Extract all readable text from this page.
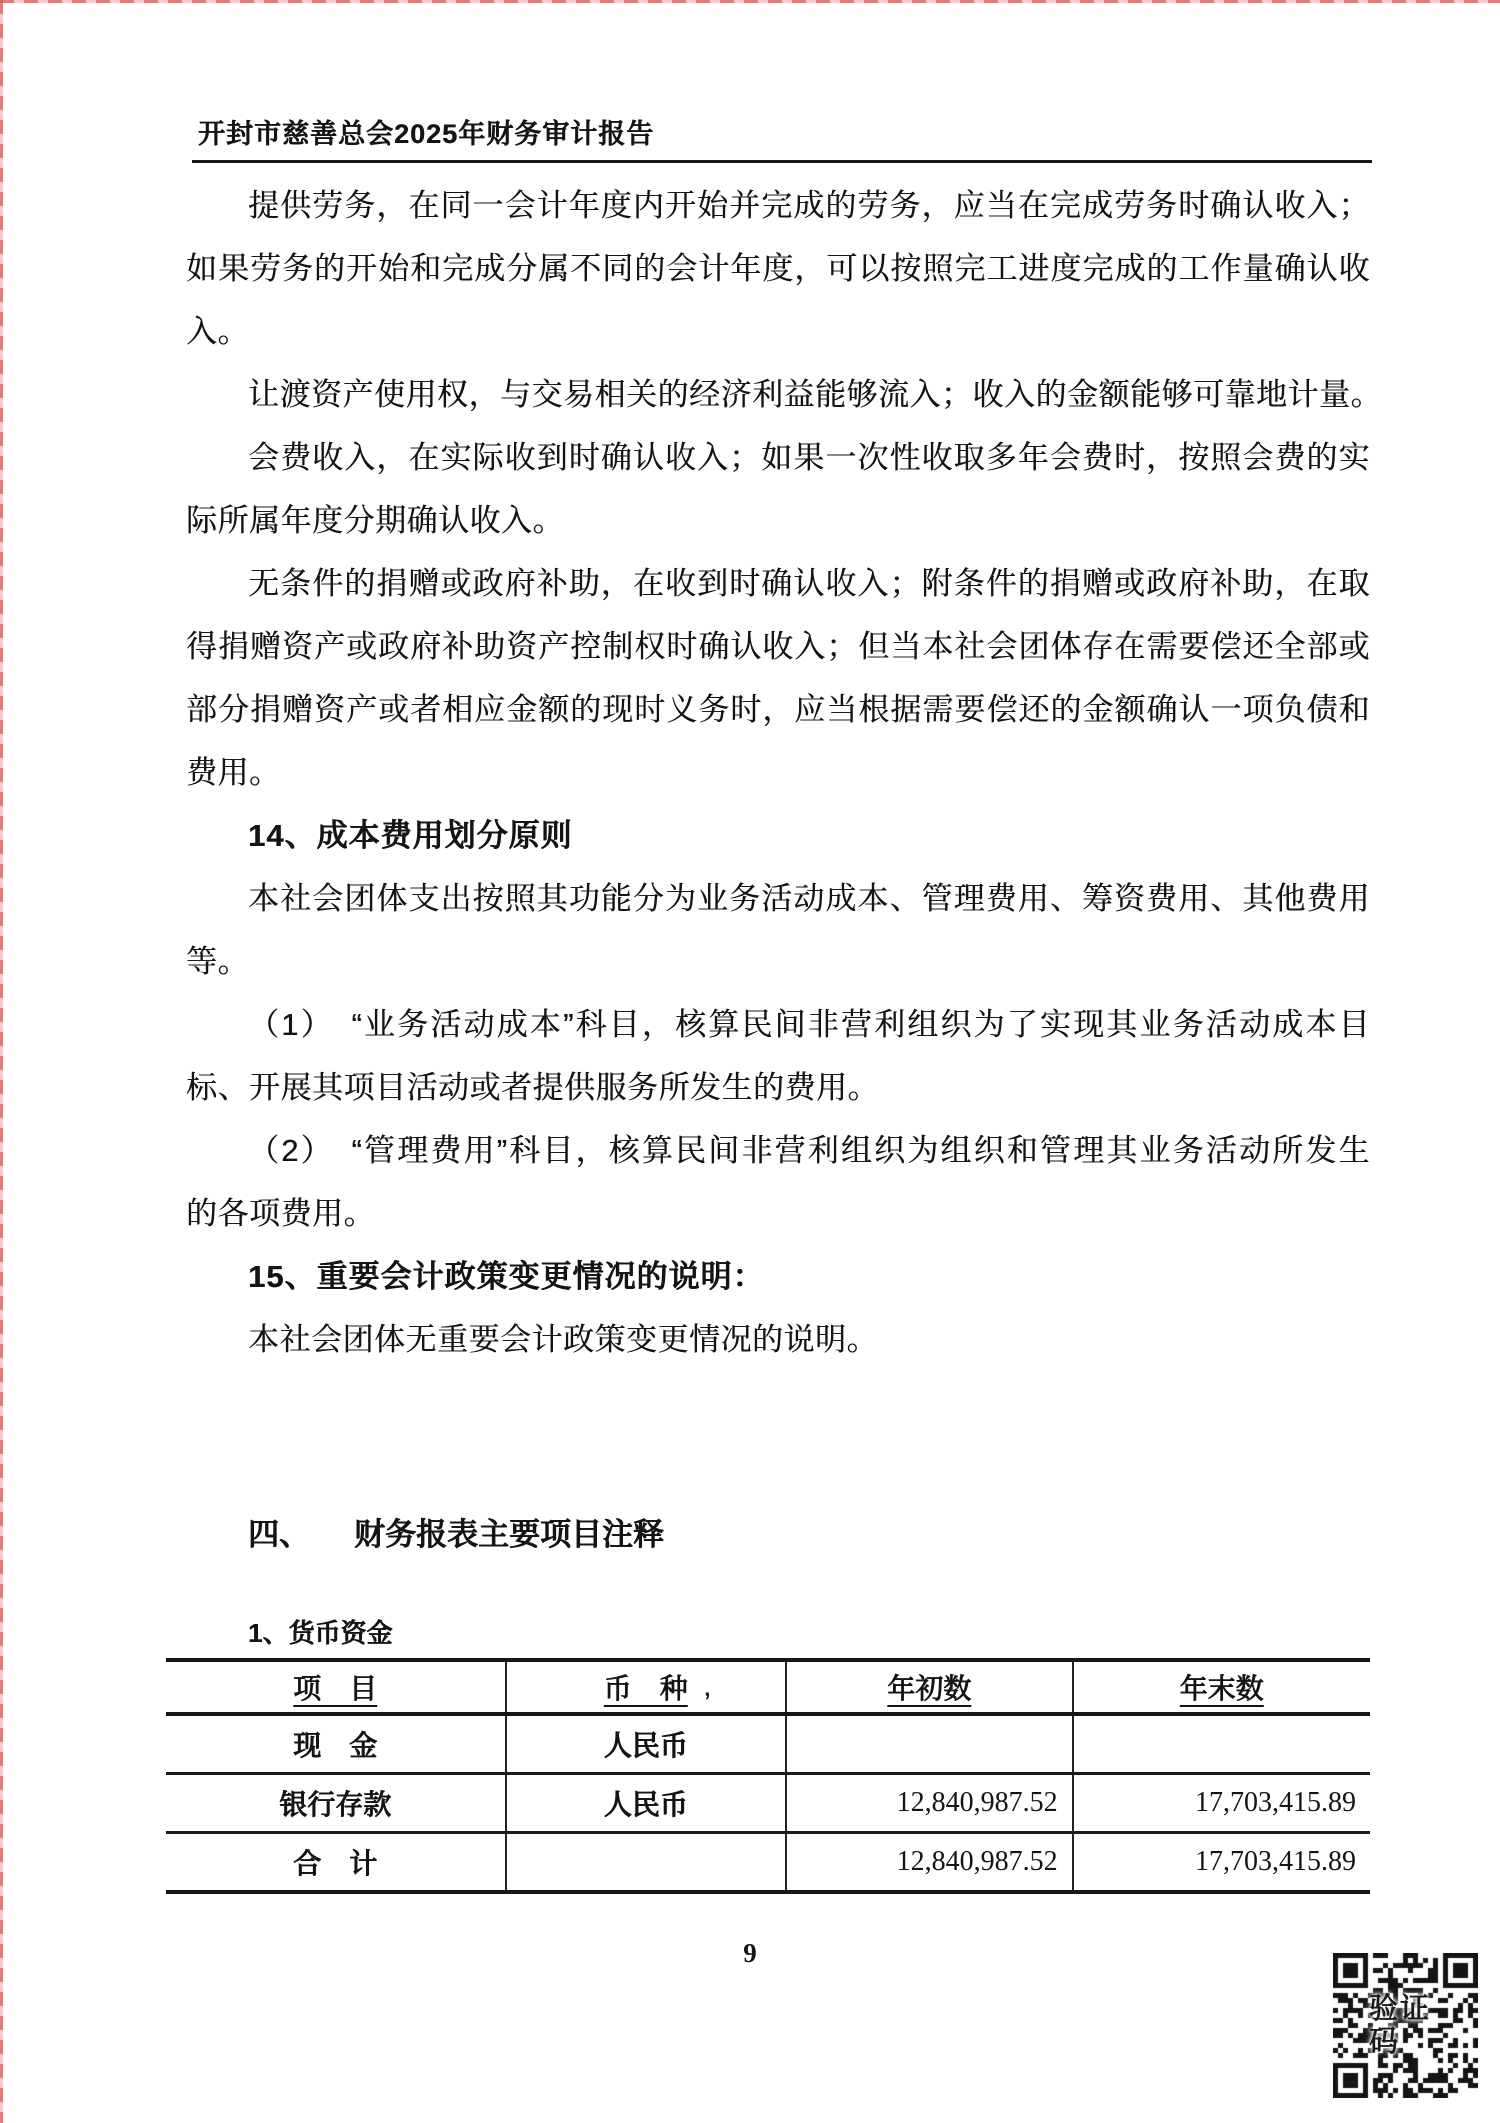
开封市慈善总会2025年财务审计报告
提供劳务，在同一会计年度内开始并完成的劳务，应当在完成劳务时确认收入；
如果劳务的开始和完成分属不同的会计年度，可以按照完工进度完成的工作量确认收
入。
让渡资产使用权，与交易相关的经济利益能够流入；收入的金额能够可靠地计量。
会费收入，在实际收到时确认收入；如果一次性收取多年会费时，按照会费的实
际所属年度分期确认收入。
无条件的捐赠或政府补助，在收到时确认收入；附条件的捐赠或政府补助，在取
得捐赠资产或政府补助资产控制权时确认收入；但当本社会团体存在需要偿还全部或
部分捐赠资产或者相应金额的现时义务时，应当根据需要偿还的金额确认一项负债和
费用。
14、成本费用划分原则
本社会团体支出按照其功能分为业务活动成本、管理费用、筹资费用、其他费用
等。
（1）　“业务活动成本”科目，核算民间非营利组织为了实现其业务活动成本目
标、开展其项目活动或者提供服务所发生的费用。
（2）　“管理费用”科目，核算民间非营利组织为组织和管理其业务活动所发生
的各项费用。
15、重要会计政策变更情况的说明：
本社会团体无重要会计政策变更情况的说明。
四、 财务报表主要项目注释
1、货币资金
项　目	币　种	年初数	年末数
现　金	人民币		
银行存款	人民币	12,840,987.52	17,703,415.89
合　计		12,840,987.52	17,703,415.89
’
9
验证码
